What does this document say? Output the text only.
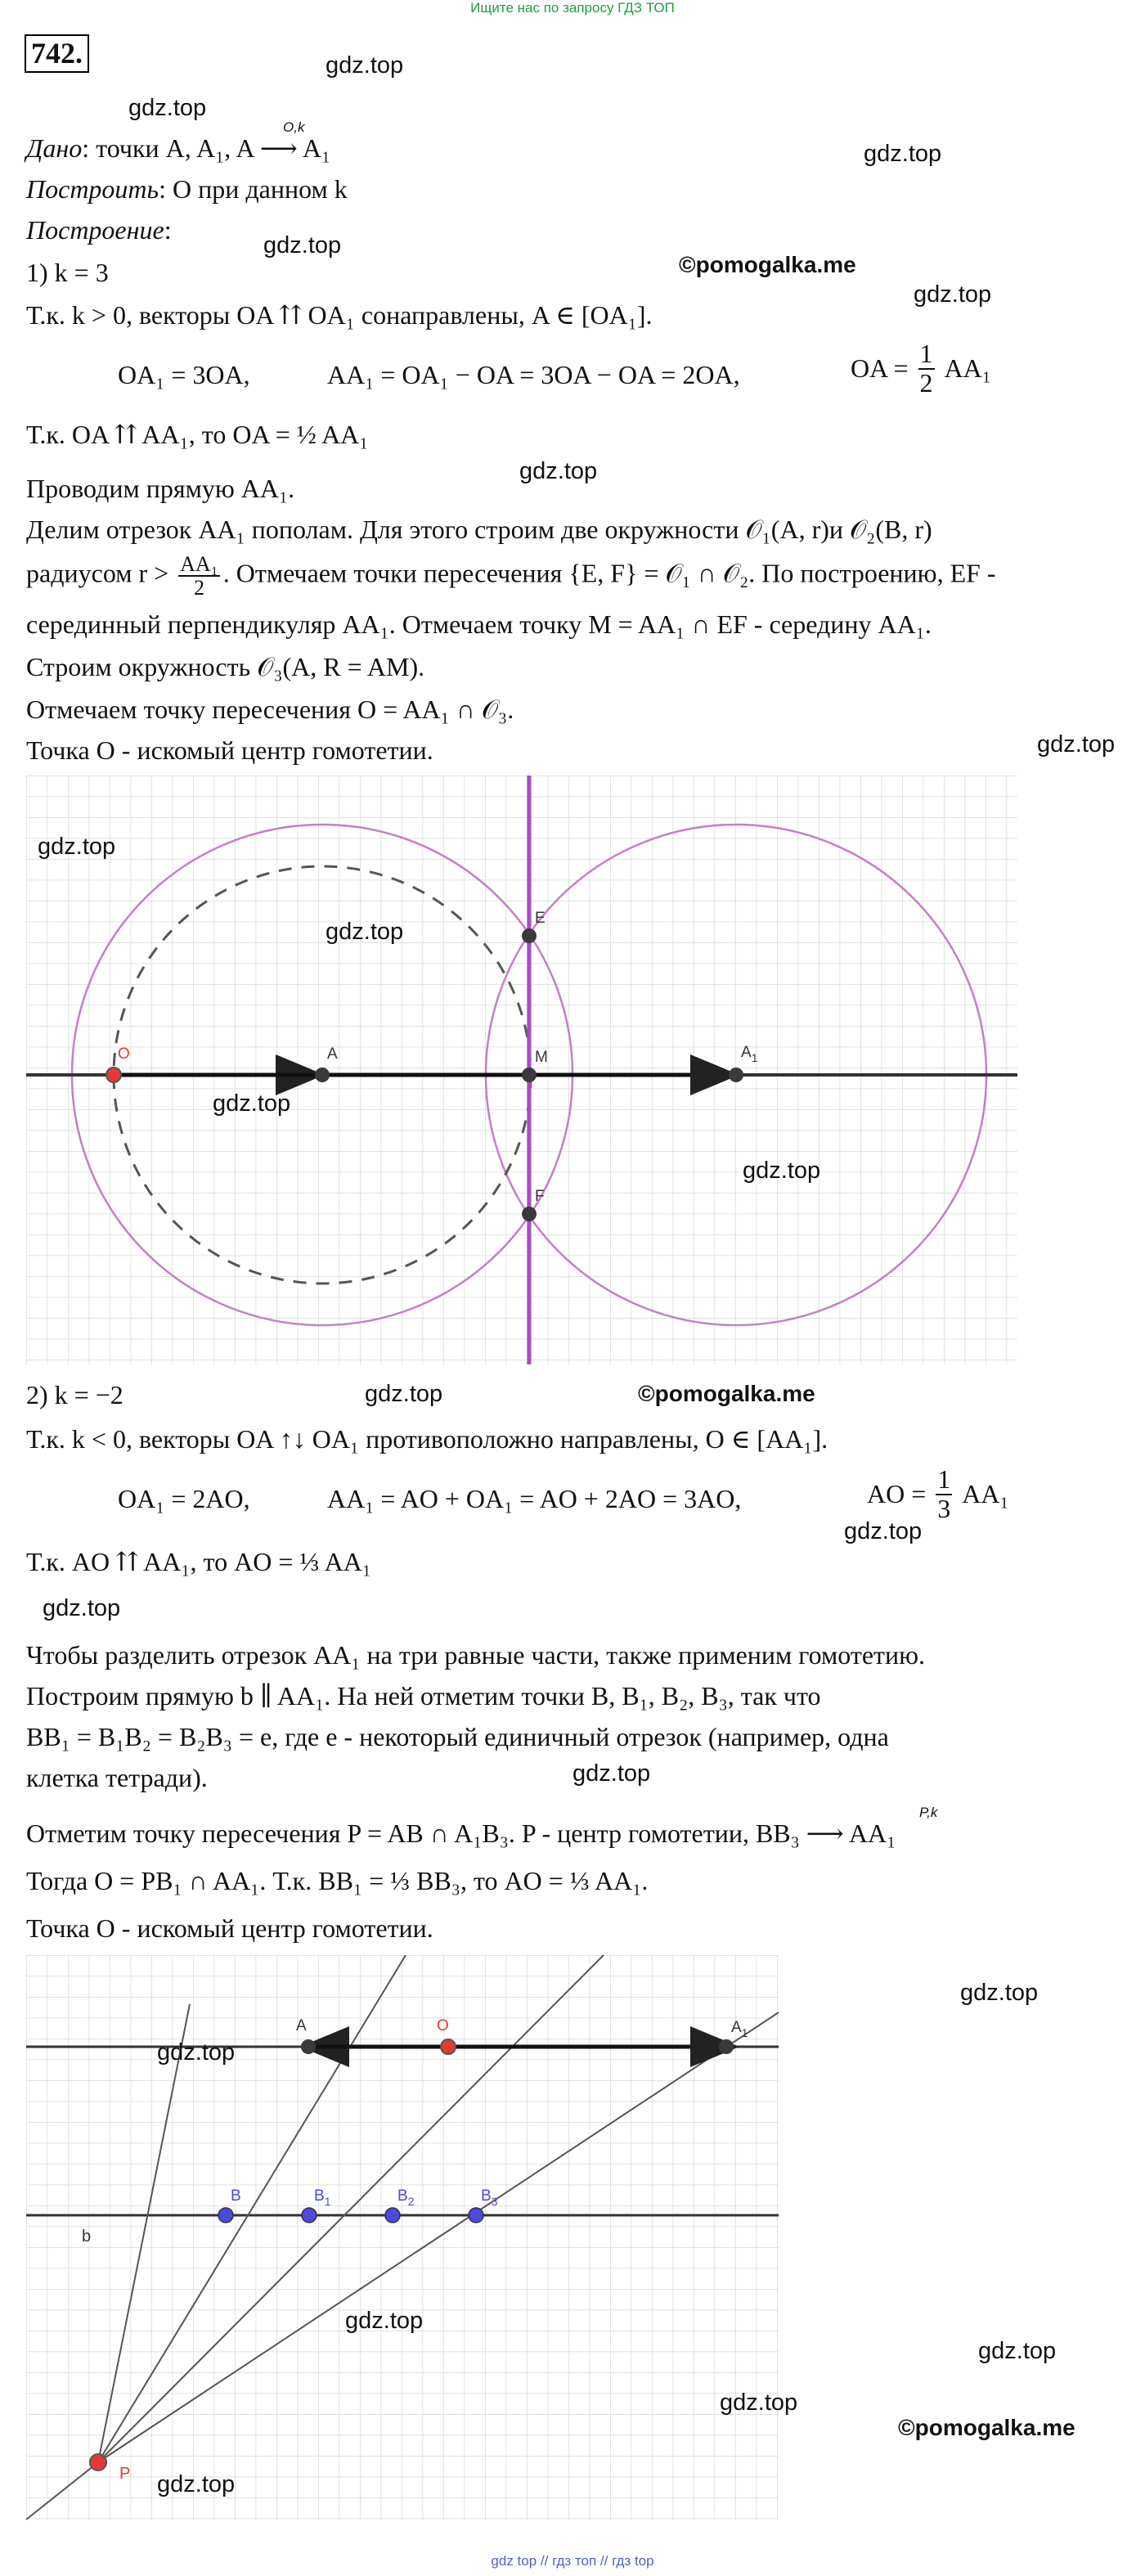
Ищите нас по запросу ГДЗ ТОП
gdz top // гдз топ // гдз top
742.	gdz.top
gdz.top
gdz.top
gdz.top
gdz.top
gdz.top
gdz.top
©pomogalka.me
Дано: точки A, A₁, A ⟶ A₁
O,k
Построить: O при данном k
Построение:
1) k = 3
Т.к. k > 0, векторы OA ⇈ OA₁ сонаправлены, A ∈ [OA₁].
OA₁ = 3OA,	AA₁ = OA₁ − OA = 3OA − OA = 2OA,	OA = $\frac{1}{2} AA_1$
Т.к. OA ⇈ AA₁, то OA = ½ AA₁
Проводим прямую AA₁.
Делим отрезок AA₁ пополам. Для этого строим две окружности 𝒪₁(A, r)и 𝒪₂(B, r)
радиусом $r > \frac{\text{AA₁}}{2}$ . Отмечаем точки пересечения {E, F} = 𝒪₁ ∩ 𝒪₂. По построению, EF -
серединный перпендикуляр AA₁. Отмечаем точку M = AA₁ ∩ EF - середину AA₁.
Строим окружность 𝒪₃(A, R = AM).
Отмечаем точку пересечения O = AA₁ ∩ 𝒪₃.
Точка O - искомый центр гомотетии.
gdz.top
gdz.top
gdz.top
gdz.top
O	A	M	$A_1$
E
F
2) k = −2	gdz.top	©pomogalka.me
Т.к. k < 0, векторы OA ↑↓ OA₁ противоположно направлены, O ∈ [AA₁].
OA₁ = 2AO,	AA₁ = AO + OA₁ = AO + 2AO = 3AO,	AO = $\frac{1}{3} AA_1$
gdz.top
Т.к. AO ⇈ AA₁, то AO = ⅓ AA₁
gdz.top
Чтобы разделить отрезок AA₁ на три равные части, также применим гомотетию.
Построим прямую b ∥ AA₁. На ней отметим точки B, B₁, B₂, B₃, так что
BB₁ = B₁B₂ = B₂B₃ = e, где e - некоторый единичный отрезок (например, одна
клетка тетради).	gdz.top
Отметим точку пересечения P = AB ∩ A₁B₃. P - центр гомотетии, BB₃ ⟶ AA₁
P,k
Тогда O = PB₁ ∩ AA₁. Т.к. BB₁ = ⅓ BB₃, то AO = ⅓ AA₁.
Точка O - искомый центр гомотетии.
A	O	$A_1$
B	$B_1$	$B_2$	$B_3$
b
P
gdz.top
gdz.top
gdz.top
gdz.top
gdz.top
gdz.top
©pomogalka.me
